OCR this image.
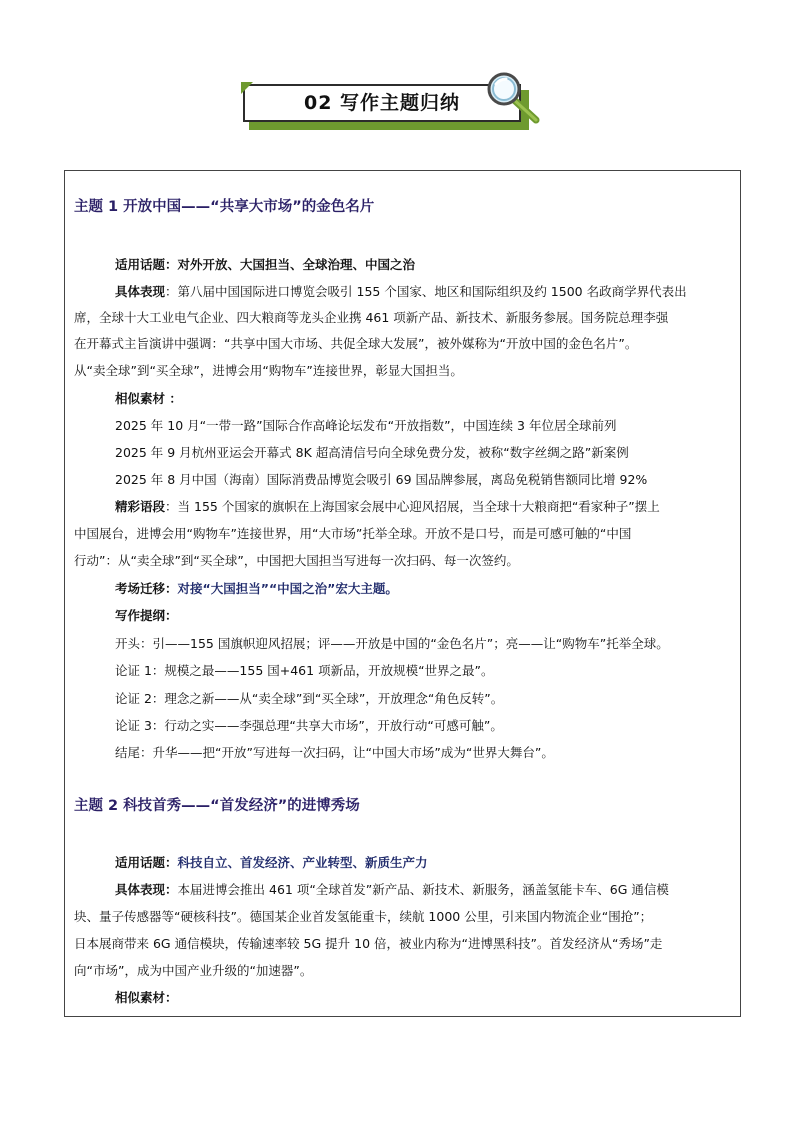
02 写作主题归纳
主题 1 开放中国——“共享大市场”的金色名片
适用话题：对外开放、大国担当、全球治理、中国之治
具体表现：第八届中国国际进口博览会吸引 155 个国家、地区和国际组织及约 1500 名政商学界代表出
席，全球十大工业电气企业、四大粮商等龙头企业携 461 项新产品、新技术、新服务参展。国务院总理李强
在开幕式主旨演讲中强调：“共享中国大市场、共促全球大发展”，被外媒称为“开放中国的金色名片”。
从“卖全球”到“买全球”，进博会用“购物车”连接世界，彰显大国担当。
相似素材 ：
2025 年 10 月“一带一路”国际合作高峰论坛发布“开放指数”，中国连续 3 年位居全球前列
2025 年 9 月杭州亚运会开幕式 8K 超高清信号向全球免费分发，被称“数字丝绸之路”新案例
2025 年 8 月中国（海南）国际消费品博览会吸引 69 国品牌参展，离岛免税销售额同比增 92%
精彩语段：当 155 个国家的旗帜在上海国家会展中心迎风招展，当全球十大粮商把“看家种子”摆上
中国展台，进博会用“购物车”连接世界，用“大市场”托举全球。开放不是口号，而是可感可触的“中国
行动”：从“卖全球”到“买全球”，中国把大国担当写进每一次扫码、每一次签约。
考场迁移：对接“大国担当”“中国之治”宏大主题。
写作提纲：
开头：引——155 国旗帜迎风招展；评——开放是中国的“金色名片”；亮——让“购物车”托举全球。
论证 1：规模之最——155 国+461 项新品，开放规模“世界之最”。
论证 2：理念之新——从“卖全球”到“买全球”，开放理念“角色反转”。
论证 3：行动之实——李强总理“共享大市场”，开放行动“可感可触”。
结尾：升华——把“开放”写进每一次扫码，让“中国大市场”成为“世界大舞台”。
主题 2 科技首秀——“首发经济”的进博秀场
适用话题：科技自立、首发经济、产业转型、新质生产力
具体表现：本届进博会推出 461 项“全球首发”新产品、新技术、新服务，涵盖氢能卡车、6G 通信模
块、量子传感器等“硬核科技”。德国某企业首发氢能重卡，续航 1000 公里，引来国内物流企业“围抢”；
日本展商带来 6G 通信模块，传输速率较 5G 提升 10 倍，被业内称为“进博黑科技”。首发经济从“秀场”走
向“市场”，成为中国产业升级的“加速器”。
相似素材：
